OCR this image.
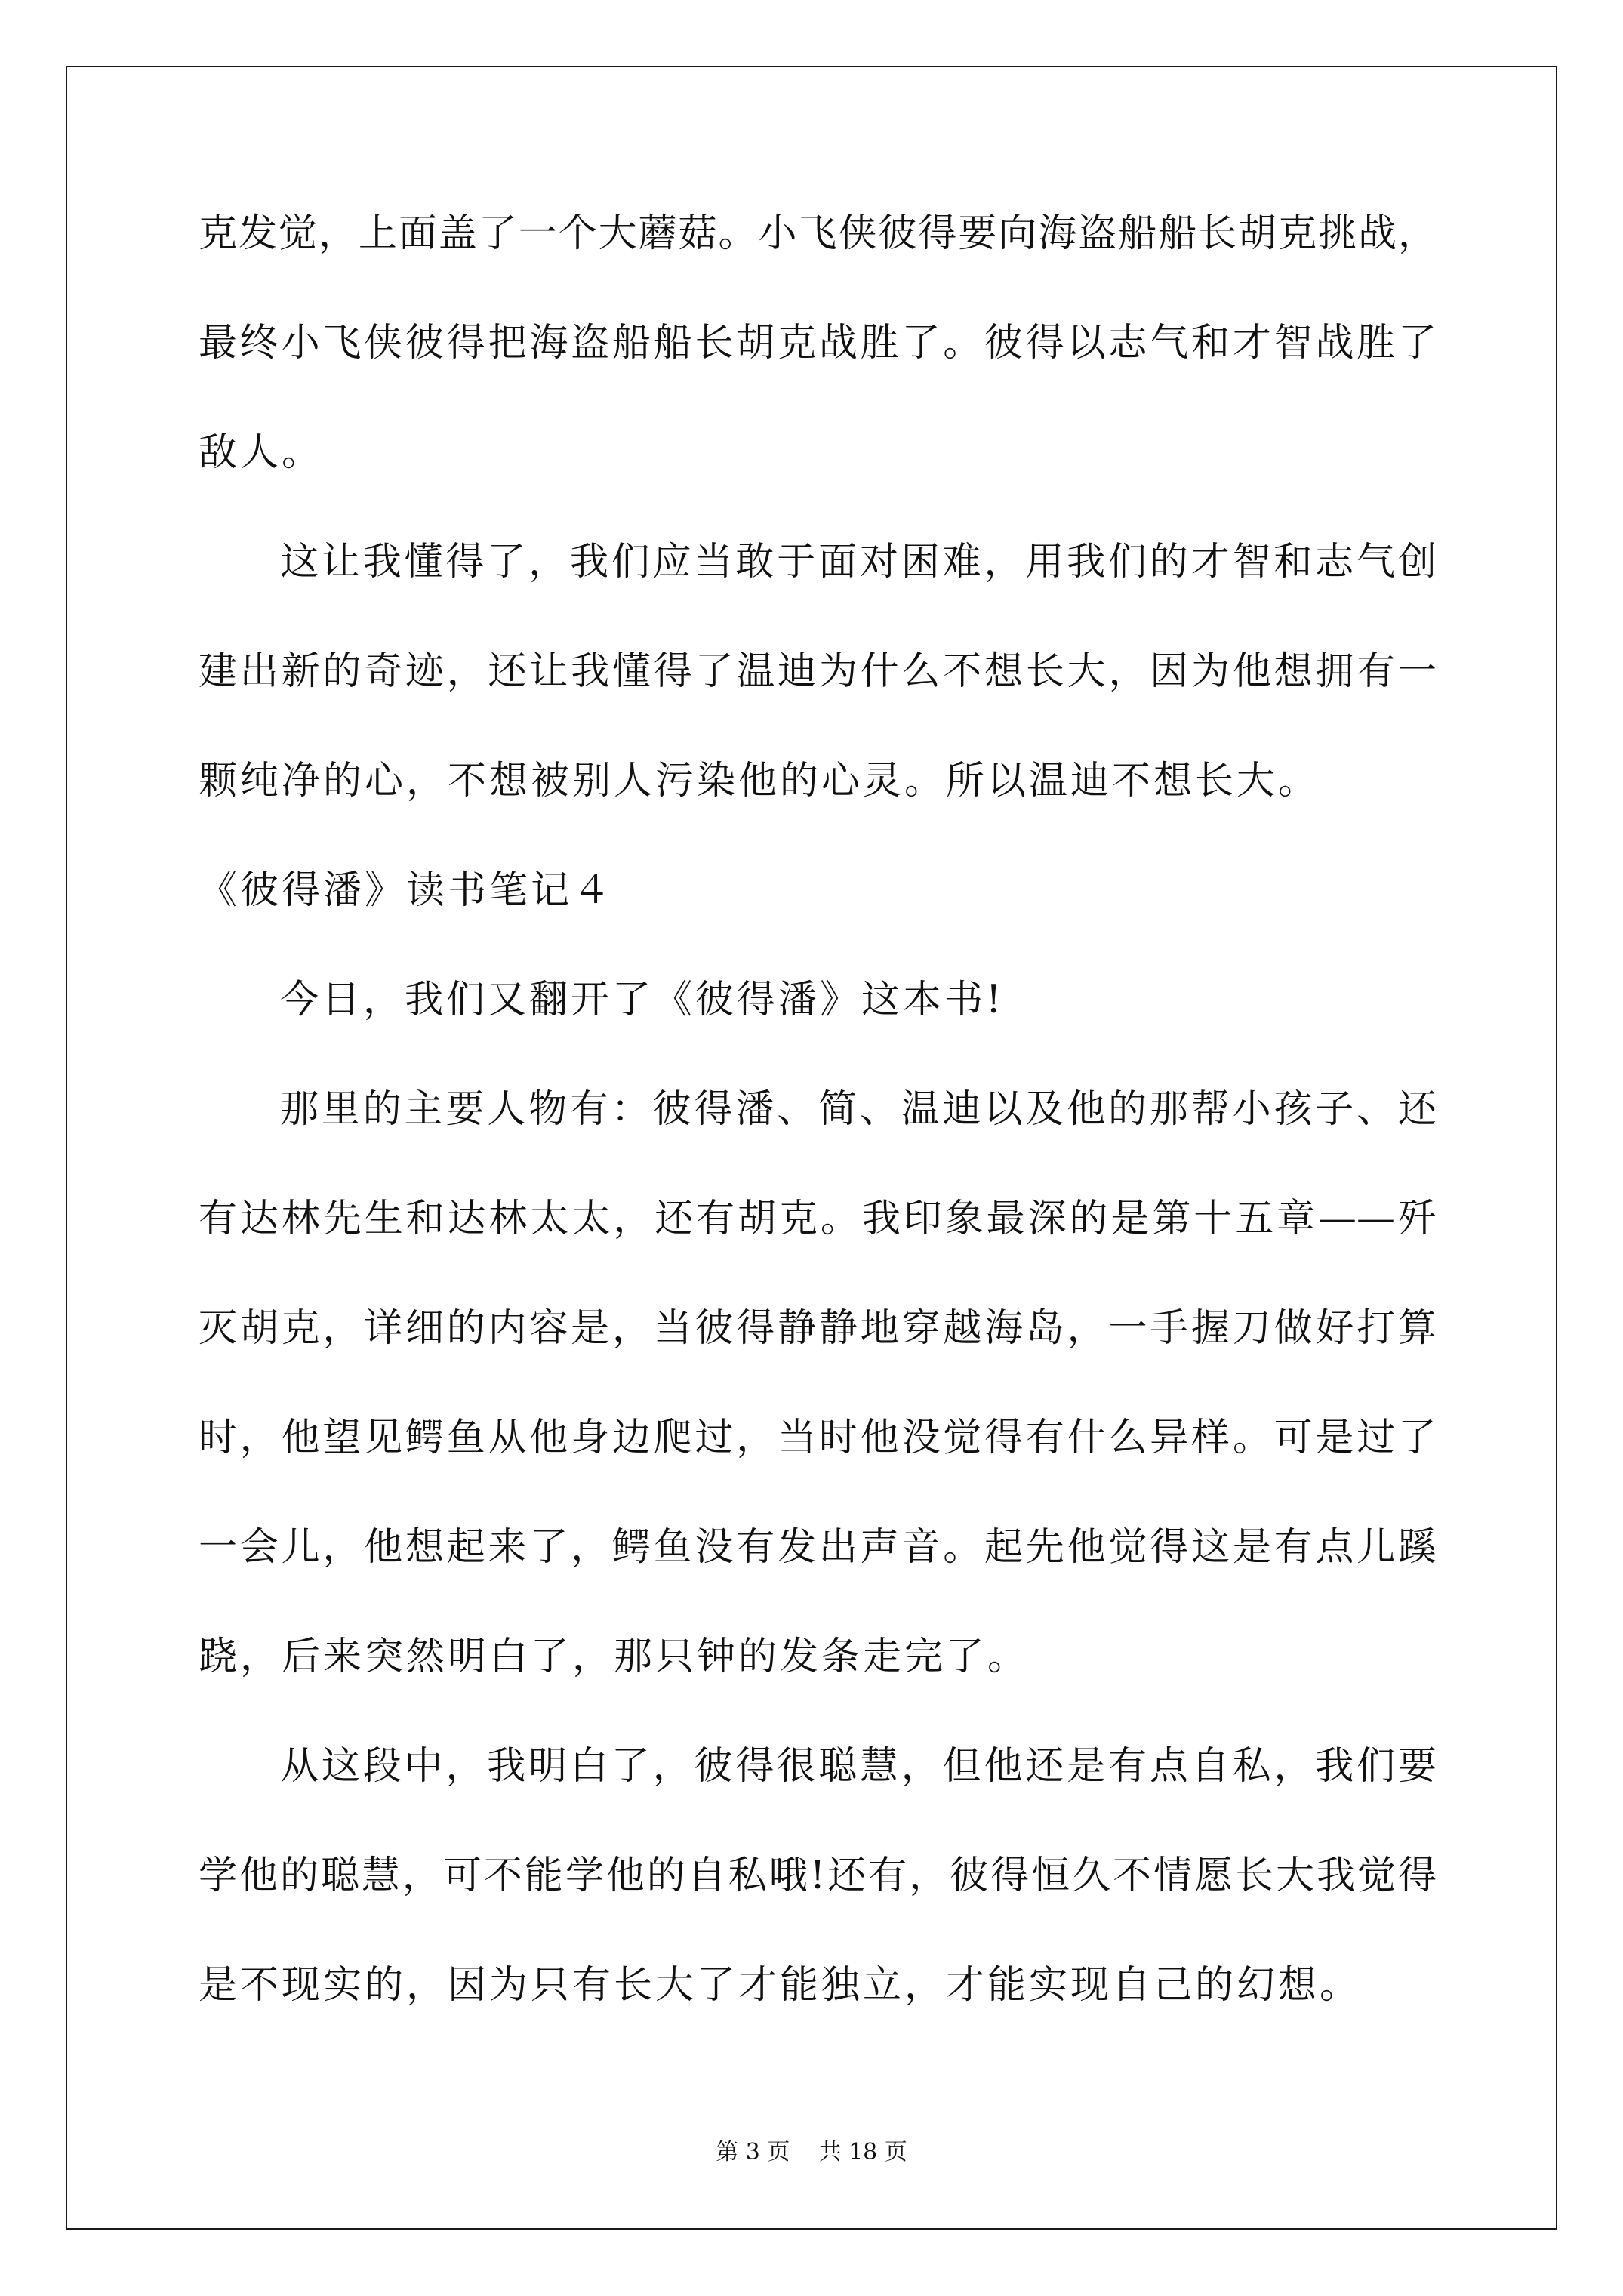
克发觉，上面盖了一个大蘑菇。小飞侠彼得要向海盗船船长胡克挑战，
最终小飞侠彼得把海盗船船长胡克战胜了。彼得以志气和才智战胜了
敌人。
这让我懂得了，我们应当敢于面对困难，用我们的才智和志气创
建出新的奇迹，还让我懂得了温迪为什么不想长大，因为他想拥有一
颗纯净的心，不想被别人污染他的心灵。所以温迪不想长大。
《彼得潘》读书笔记４
今日，我们又翻开了《彼得潘》这本书!
那里的主要人物有：彼得潘、简、温迪以及他的那帮小孩子、还
有达林先生和达林太太，还有胡克。我印象最深的是第十五章——歼
灭胡克，详细的内容是，当彼得静静地穿越海岛，一手握刀做好打算
时，他望见鳄鱼从他身边爬过，当时他没觉得有什么异样。可是过了
一会儿，他想起来了，鳄鱼没有发出声音。起先他觉得这是有点儿蹊
跷，后来突然明白了，那只钟的发条走完了。
从这段中，我明白了，彼得很聪慧，但他还是有点自私，我们要
学他的聪慧，可不能学他的自私哦!还有，彼得恒久不情愿长大我觉得
是不现实的，因为只有长大了才能独立，才能实现自己的幻想。
第 3 页 共 18 页
